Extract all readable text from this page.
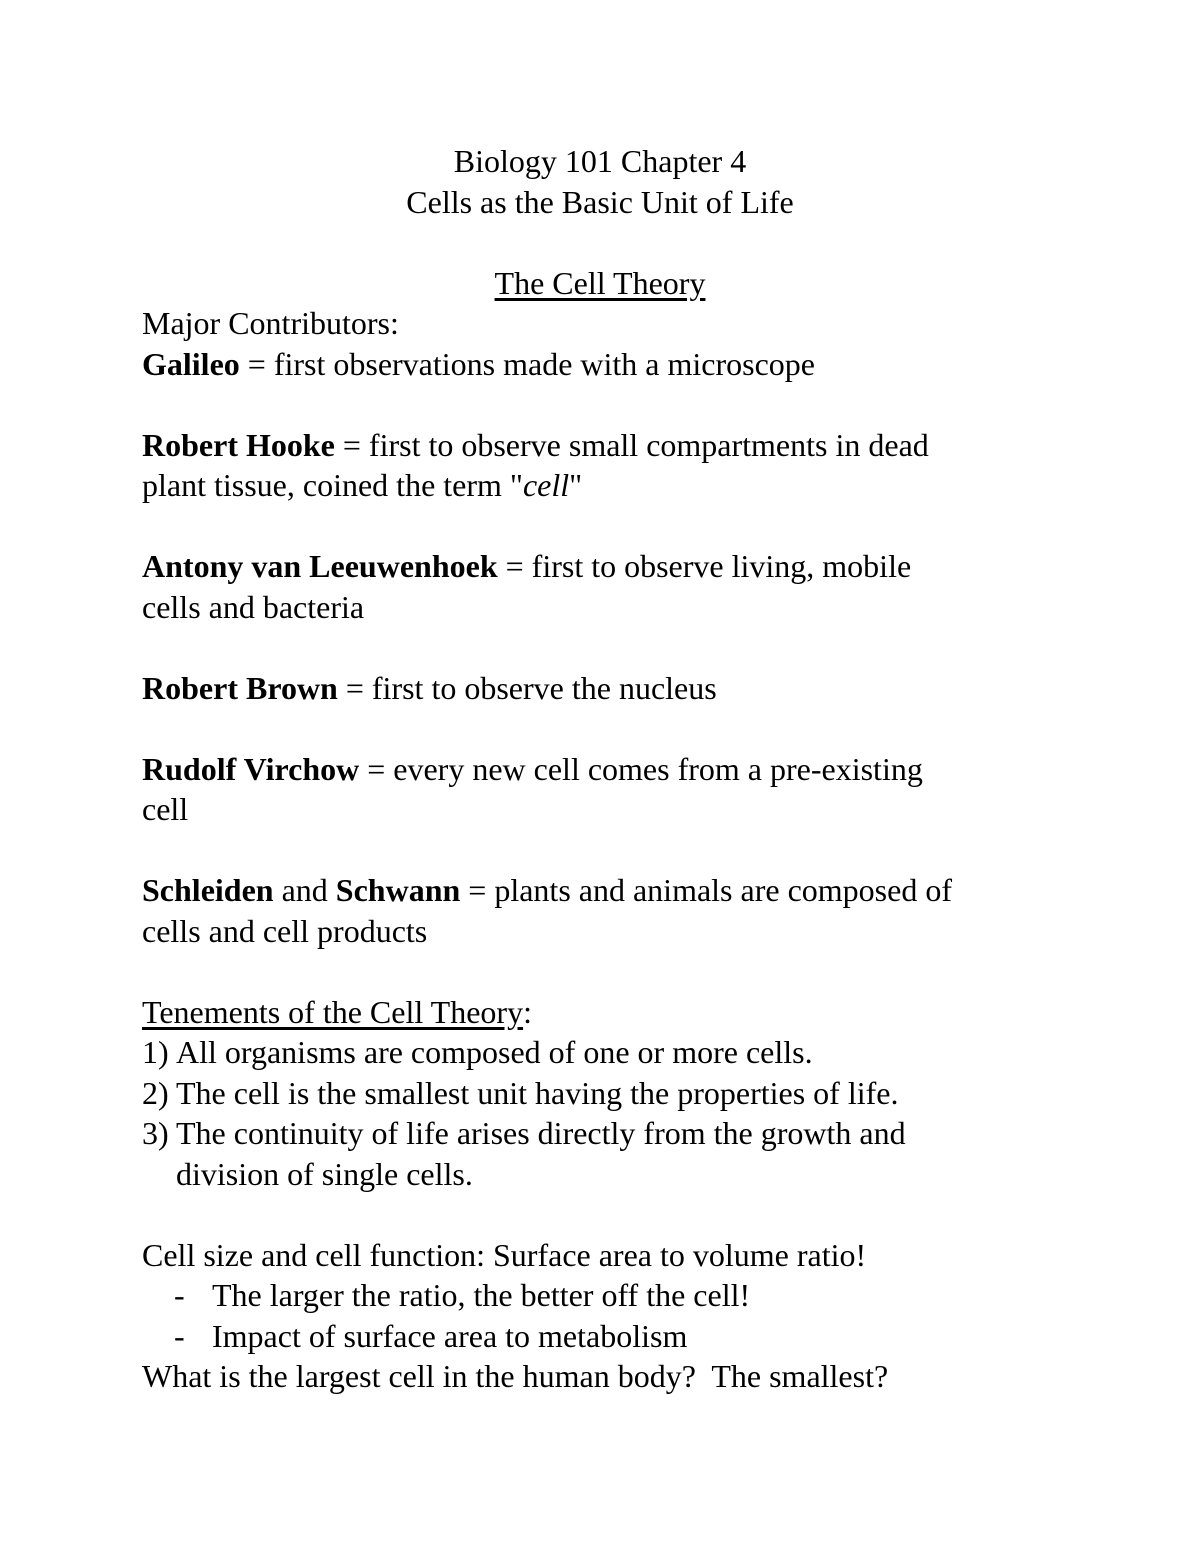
Biology 101 Chapter 4
Cells as the Basic Unit of Life
The Cell Theory
Major Contributors:
Galileo = first observations made with a microscope
Robert Hooke = first to observe small compartments in dead
plant tissue, coined the term "cell"
Antony van Leeuwenhoek = first to observe living, mobile
cells and bacteria
Robert Brown = first to observe the nucleus
Rudolf Virchow = every new cell comes from a pre-existing
cell
Schleiden and Schwann = plants and animals are composed of
cells and cell products
Tenements of the Cell Theory:
1) All organisms are composed of one or more cells.
2) The cell is the smallest unit having the properties of life.
3) The continuity of life arises directly from the growth and
division of single cells.
Cell size and cell function: Surface area to volume ratio!
- The larger the ratio, the better off the cell!
- Impact of surface area to metabolism
What is the largest cell in the human body?  The smallest?
